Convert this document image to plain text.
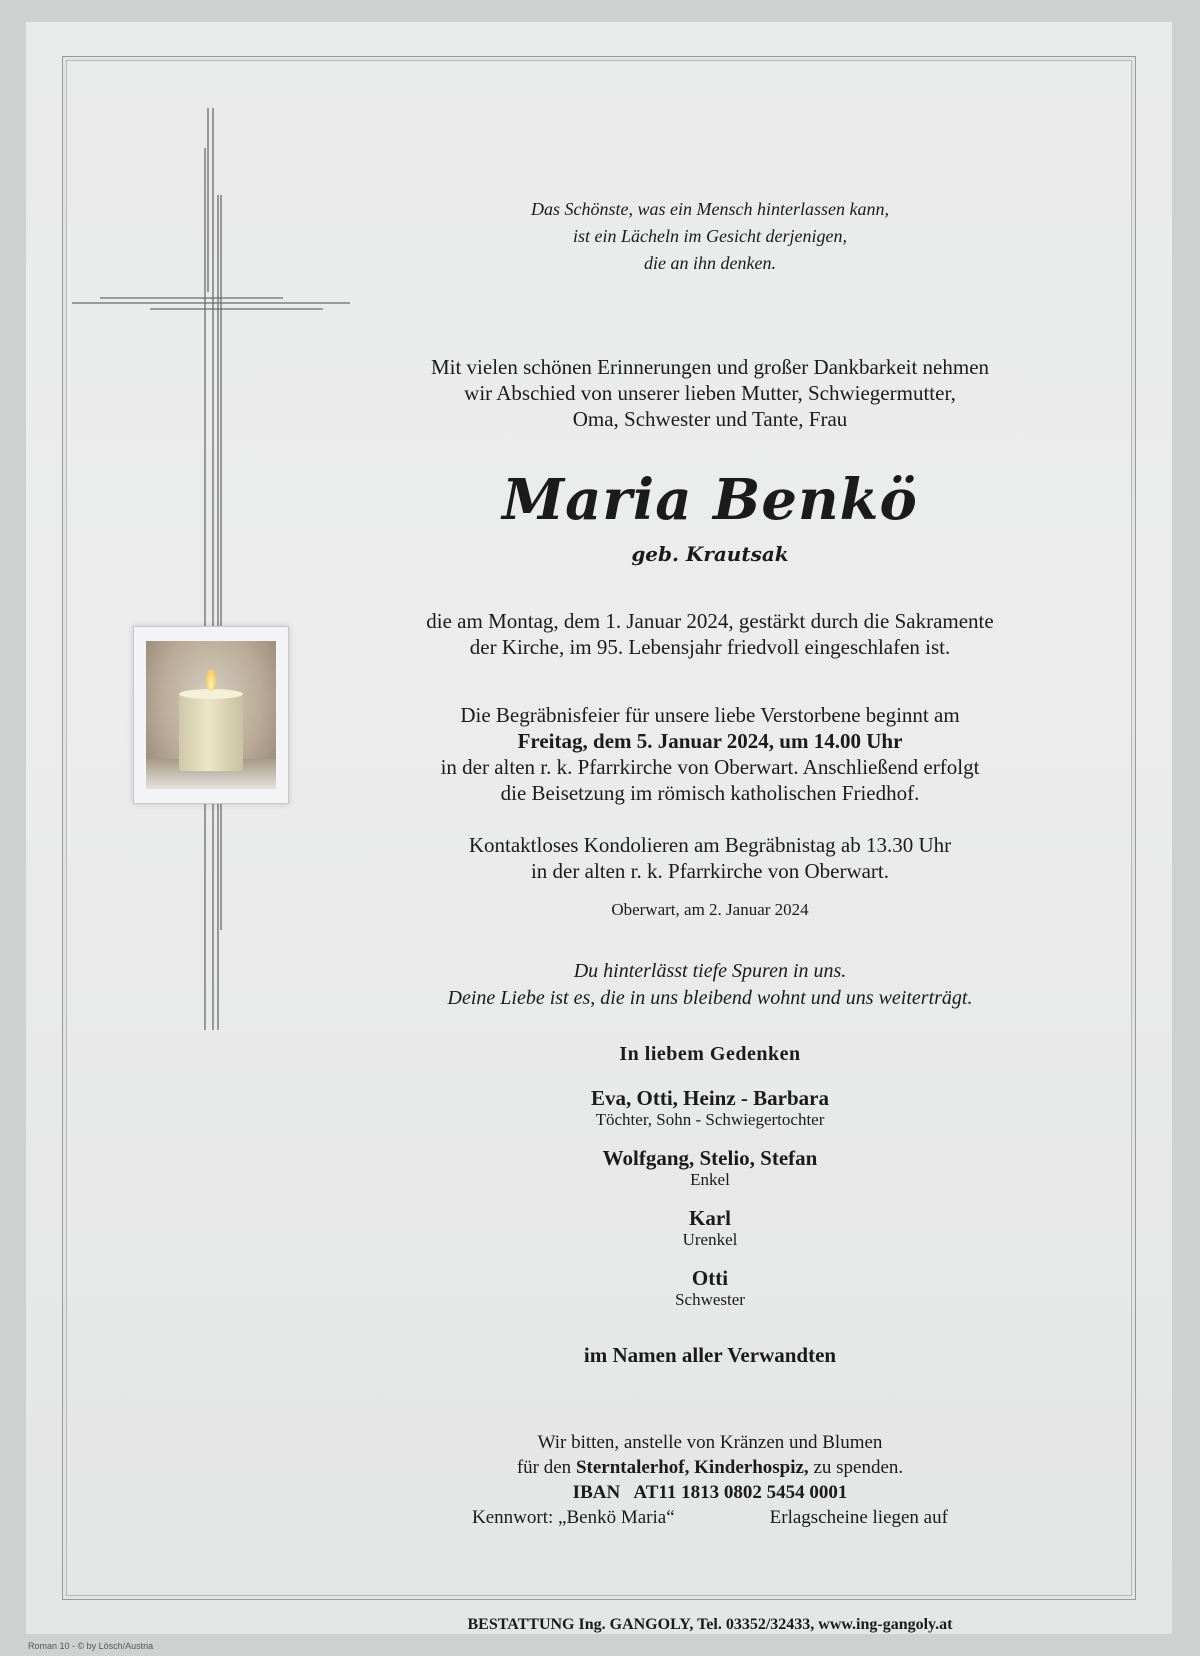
Das Schönste, was ein Mensch hinterlassen kann,
ist ein Lächeln im Gesicht derjenigen,
die an ihn denken.
Mit vielen schönen Erinnerungen und großer Dankbarkeit nehmen
wir Abschied von unserer lieben Mutter, Schwiegermutter,
Oma, Schwester und Tante, Frau
Maria Benkö
geb. Krautsak
die am Montag, dem 1. Januar 2024, gestärkt durch die Sakramente
der Kirche, im 95. Lebensjahr friedvoll eingeschlafen ist.
Die Begräbnisfeier für unsere liebe Verstorbene beginnt am
Freitag, dem 5. Januar 2024, um 14.00 Uhr
in der alten r. k. Pfarrkirche von Oberwart. Anschließend erfolgt
die Beisetzung im römisch katholischen Friedhof.
Kontaktloses Kondolieren am Begräbnistag ab 13.30 Uhr
in der alten r. k. Pfarrkirche von Oberwart.
Oberwart, am 2. Januar 2024
Du hinterlässt tiefe Spuren in uns.
Deine Liebe ist es, die in uns bleibend wohnt und uns weiterträgt.
In liebem Gedenken
Eva, Otti, Heinz - Barbara
Töchter, Sohn - Schwiegertochter
Wolfgang, Stelio, Stefan
Enkel
Karl
Urenkel
Otti
Schwester
im Namen aller Verwandten
Wir bitten, anstelle von Kränzen und Blumen
für den Sterntalerhof, Kinderhospiz, zu spenden.
IBAN   AT11 1813 0802 5454 0001
Kennwort: „Benkö Maria“	Erlagscheine liegen auf
BESTATTUNG Ing. GANGOLY, Tel. 03352/32433, www.ing-gangoly.at
Roman 10 - © by Lösch/Austria
